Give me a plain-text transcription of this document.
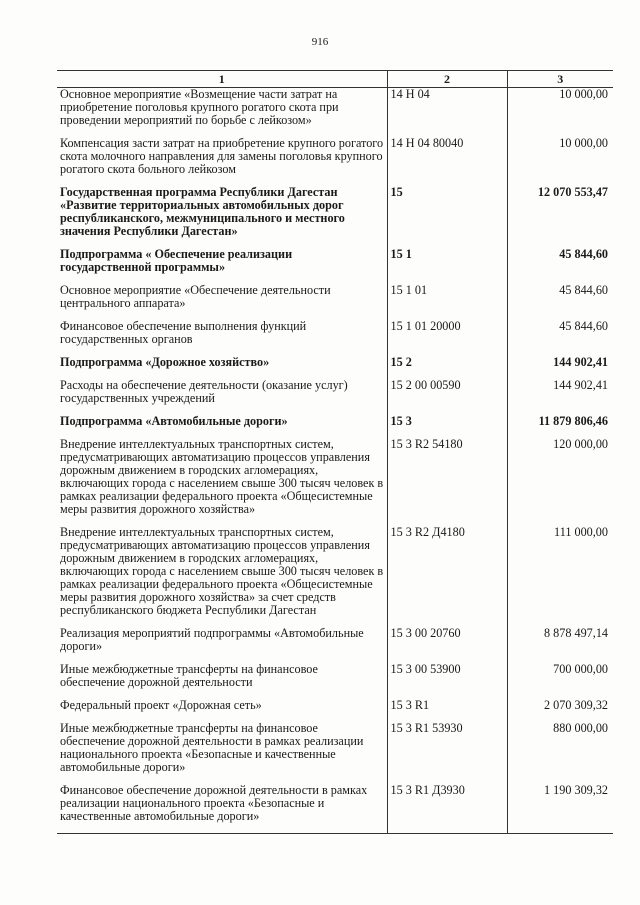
916
1	2	3
Основное мероприятие «Возмещение части затрат на приобретение поголовья крупного рогатого скота при проведении мероприятий по борьбе с лейкозом»	14 Н 04	10 000,00
Компенсация засти затрат на приобретение крупного рогатого скота молочного направления для замены поголовья крупного рогатого скота больного лейкозом	14 Н 04 80040	10 000,00
Государственная программа Республики Дагестан «Развитие территориальных автомобильных дорог республиканского, межмуниципального и местного значения Республики Дагестан»	15	12 070 553,47
Подпрограмма « Обеспечение реализации государственной программы»	15 1	45 844,60
Основное мероприятие «Обеспечение деятельности центрального аппарата»	15 1 01	45 844,60
Финансовое обеспечение выполнения функций государственных органов	15 1 01 20000	45 844,60
Подпрограмма «Дорожное хозяйство»	15 2	144 902,41
Расходы на обеспечение деятельности (оказание услуг) государственных учреждений	15 2 00 00590	144 902,41
Подпрограмма «Автомобильные дороги»	15 3	11 879 806,46
Внедрение интеллектуальных транспортных систем, предусматривающих автоматизацию процессов управления дорожным движением в городских агломерациях, включающих города с населением свыше 300 тысяч человек в рамках реализации федерального проекта «Общесистемные меры развития дорожного хозяйства»	15 3 R2 54180	120 000,00
Внедрение интеллектуальных транспортных систем, предусматривающих автоматизацию процессов управления дорожным движением в городских агломерациях, включающих города с населением свыше 300 тысяч человек в рамках реализации федерального проекта «Общесистемные меры развития дорожного хозяйства» за счет средств республиканского бюджета Республики Дагестан	15 3 R2 Д4180	111 000,00
Реализация мероприятий подпрограммы «Автомобильные дороги»	15 3 00 20760	8 878 497,14
Иные межбюджетные трансферты на финансовое обеспечение дорожной деятельности	15 3 00 53900	700 000,00
Федеральный проект «Дорожная сеть»	15 3 R1	2 070 309,32
Иные межбюджетные трансферты на финансовое обеспечение дорожной деятельности в рамках реализации национального проекта «Безопасные и качественные автомобильные дороги»	15 3 R1 53930	880 000,00
Финансовое обеспечение дорожной деятельности в рамках реализации национального проекта «Безопасные и качественные автомобильные дороги»	15 3 R1 Д3930	1 190 309,32
